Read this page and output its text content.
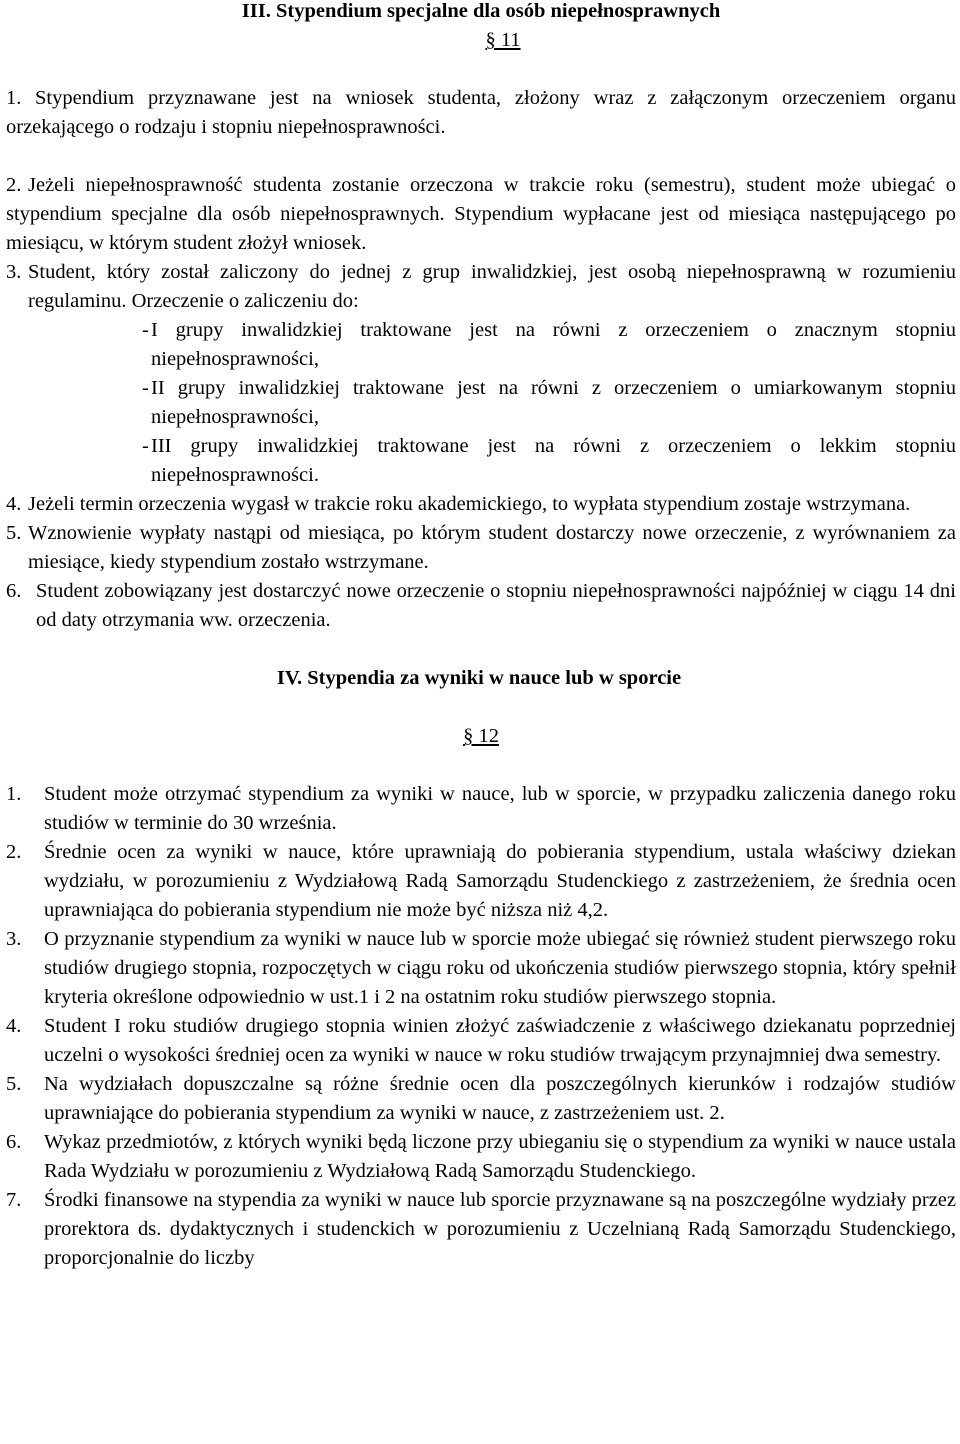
III. Stypendium specjalne dla osób niepełnosprawnych

§ 11

1. Stypendium przyznawane jest na wniosek studenta, złożony wraz z załączonym orzeczeniem organu orzekającego o rodzaju i stopniu niepełnosprawności.
2. Jeżeli niepełnosprawność studenta zostanie orzeczona w trakcie roku (semestru), student może ubiegać o stypendium specjalne dla osób niepełnosprawnych. Stypendium wypłacane jest od miesiąca następującego po miesiącu, w którym student złożył wniosek.
3. Student, który został zaliczony do jednej z grup inwalidzkiej, jest osobą niepełnosprawną w rozumieniu regulaminu. Orzeczenie o zaliczeniu do:
- I grupy inwalidzkiej traktowane jest na równi z orzeczeniem o znacznym stopniu niepełnosprawności,
- II grupy inwalidzkiej traktowane jest na równi z orzeczeniem o umiarkowanym stopniu niepełnosprawności,
- III grupy inwalidzkiej traktowane jest na równi z orzeczeniem o lekkim stopniu niepełnosprawności.
4. Jeżeli termin orzeczenia wygasł w trakcie roku akademickiego, to wypłata stypendium zostaje wstrzymana.
5. Wznowienie wypłaty nastąpi od miesiąca, po którym student dostarczy nowe orzeczenie, z wyrównaniem za miesiące, kiedy stypendium zostało wstrzymane.
6. Student zobowiązany jest dostarczyć nowe orzeczenie o stopniu niepełnosprawności najpóźniej w ciągu 14 dni od daty otrzymania ww. orzeczenia.

IV. Stypendia za wyniki w nauce lub w sporcie

§ 12

1.	Student może otrzymać stypendium za wyniki w nauce, lub w sporcie, w przypadku zaliczenia danego roku studiów w terminie do 30 września.
2.	Średnie ocen za wyniki w nauce, które uprawniają do pobierania stypendium, ustala właściwy dziekan wydziału, w porozumieniu z Wydziałową Radą Samorządu Studenckiego z zastrzeżeniem, że średnia ocen uprawniająca do pobierania stypendium nie może być niższa niż 4,2.
3.	O przyznanie stypendium za wyniki w nauce lub w sporcie może ubiegać się również student pierwszego roku studiów drugiego stopnia, rozpoczętych w ciągu roku od ukończenia studiów pierwszego stopnia, który spełnił kryteria określone odpowiednio w ust.1 i 2 na ostatnim roku studiów pierwszego stopnia.
4.	Student I roku studiów drugiego stopnia winien złożyć zaświadczenie z właściwego dziekanatu poprzedniej uczelni o wysokości średniej ocen za wyniki w nauce w roku studiów trwającym przynajmniej dwa semestry.
5.	Na wydziałach dopuszczalne są różne średnie ocen dla poszczególnych kierunków i rodzajów studiów uprawniające do pobierania stypendium za wyniki w nauce, z zastrzeżeniem ust. 2.
6.	Wykaz przedmiotów, z których wyniki będą liczone przy ubieganiu się o stypendium za wyniki w nauce ustala Rada Wydziału w porozumieniu z Wydziałową Radą Samorządu Studenckiego.
7.	Środki finansowe na stypendia za wyniki w nauce lub sporcie przyznawane są na poszczególne wydziały przez prorektora ds. dydaktycznych i studenckich w porozumieniu z Uczelnianą Radą Samorządu Studenckiego, proporcjonalnie do liczby
